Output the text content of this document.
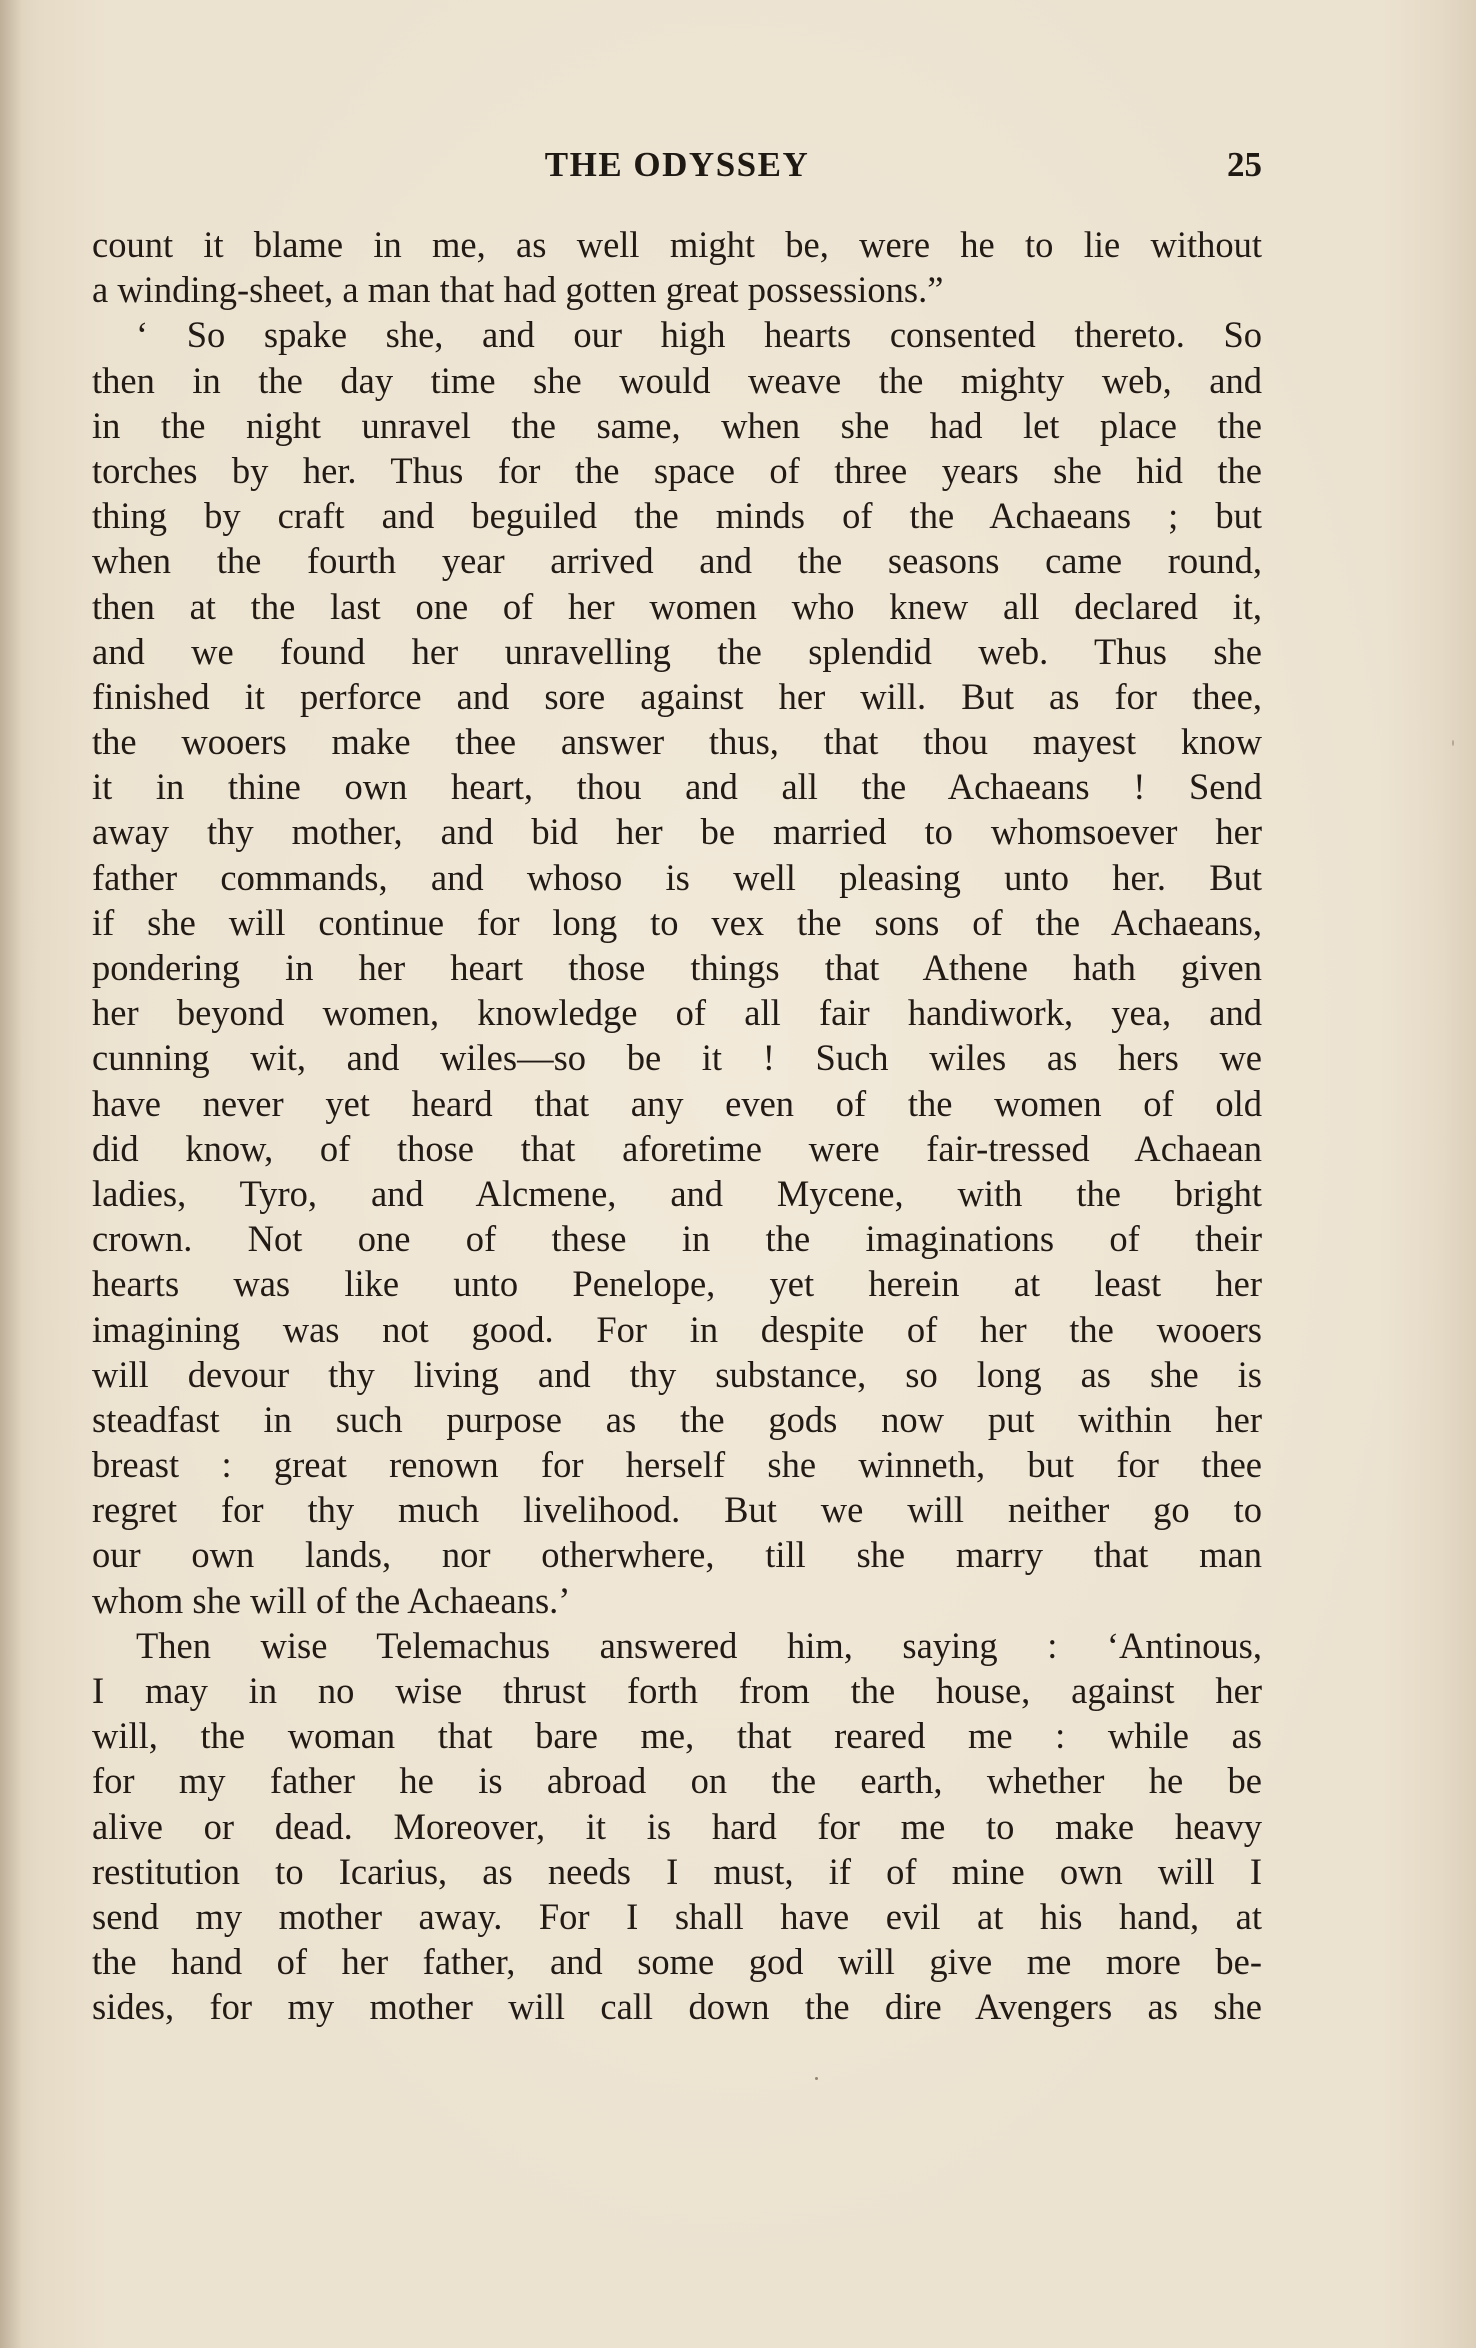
THE ODYSSEY	25
count it blame in me, as well might be, were he to lie without
a winding-sheet, a man that had gotten great possessions.”
‘ So spake she, and our high hearts consented thereto. So
then in the day time she would weave the mighty web, and
in the night unravel the same, when she had let place the
torches by her. Thus for the space of three years she hid the
thing by craft and beguiled the minds of the Achaeans ; but
when the fourth year arrived and the seasons came round,
then at the last one of her women who knew all declared it,
and we found her unravelling the splendid web. Thus she
finished it perforce and sore against her will. But as for thee,
the wooers make thee answer thus, that thou mayest know
it in thine own heart, thou and all the Achaeans ! Send
away thy mother, and bid her be married to whomsoever her
father commands, and whoso is well pleasing unto her. But
if she will continue for long to vex the sons of the Achaeans,
pondering in her heart those things that Athene hath given
her beyond women, knowledge of all fair handiwork, yea, and
cunning wit, and wiles—so be it ! Such wiles as hers we
have never yet heard that any even of the women of old
did know, of those that aforetime were fair-tressed Achaean
ladies, Tyro, and Alcmene, and Mycene, with the bright
crown. Not one of these in the imaginations of their
hearts was like unto Penelope, yet herein at least her
imagining was not good. For in despite of her the wooers
will devour thy living and thy substance, so long as she is
steadfast in such purpose as the gods now put within her
breast : great renown for herself she winneth, but for thee
regret for thy much livelihood. But we will neither go to
our own lands, nor otherwhere, till she marry that man
whom she will of the Achaeans.’
Then wise Telemachus answered him, saying : ‘Antinous,
I may in no wise thrust forth from the house, against her
will, the woman that bare me, that reared me : while as
for my father he is abroad on the earth, whether he be
alive or dead. Moreover, it is hard for me to make heavy
restitution to Icarius, as needs I must, if of mine own will I
send my mother away. For I shall have evil at his hand, at
the hand of her father, and some god will give me more be-
sides, for my mother will call down the dire Avengers as she
